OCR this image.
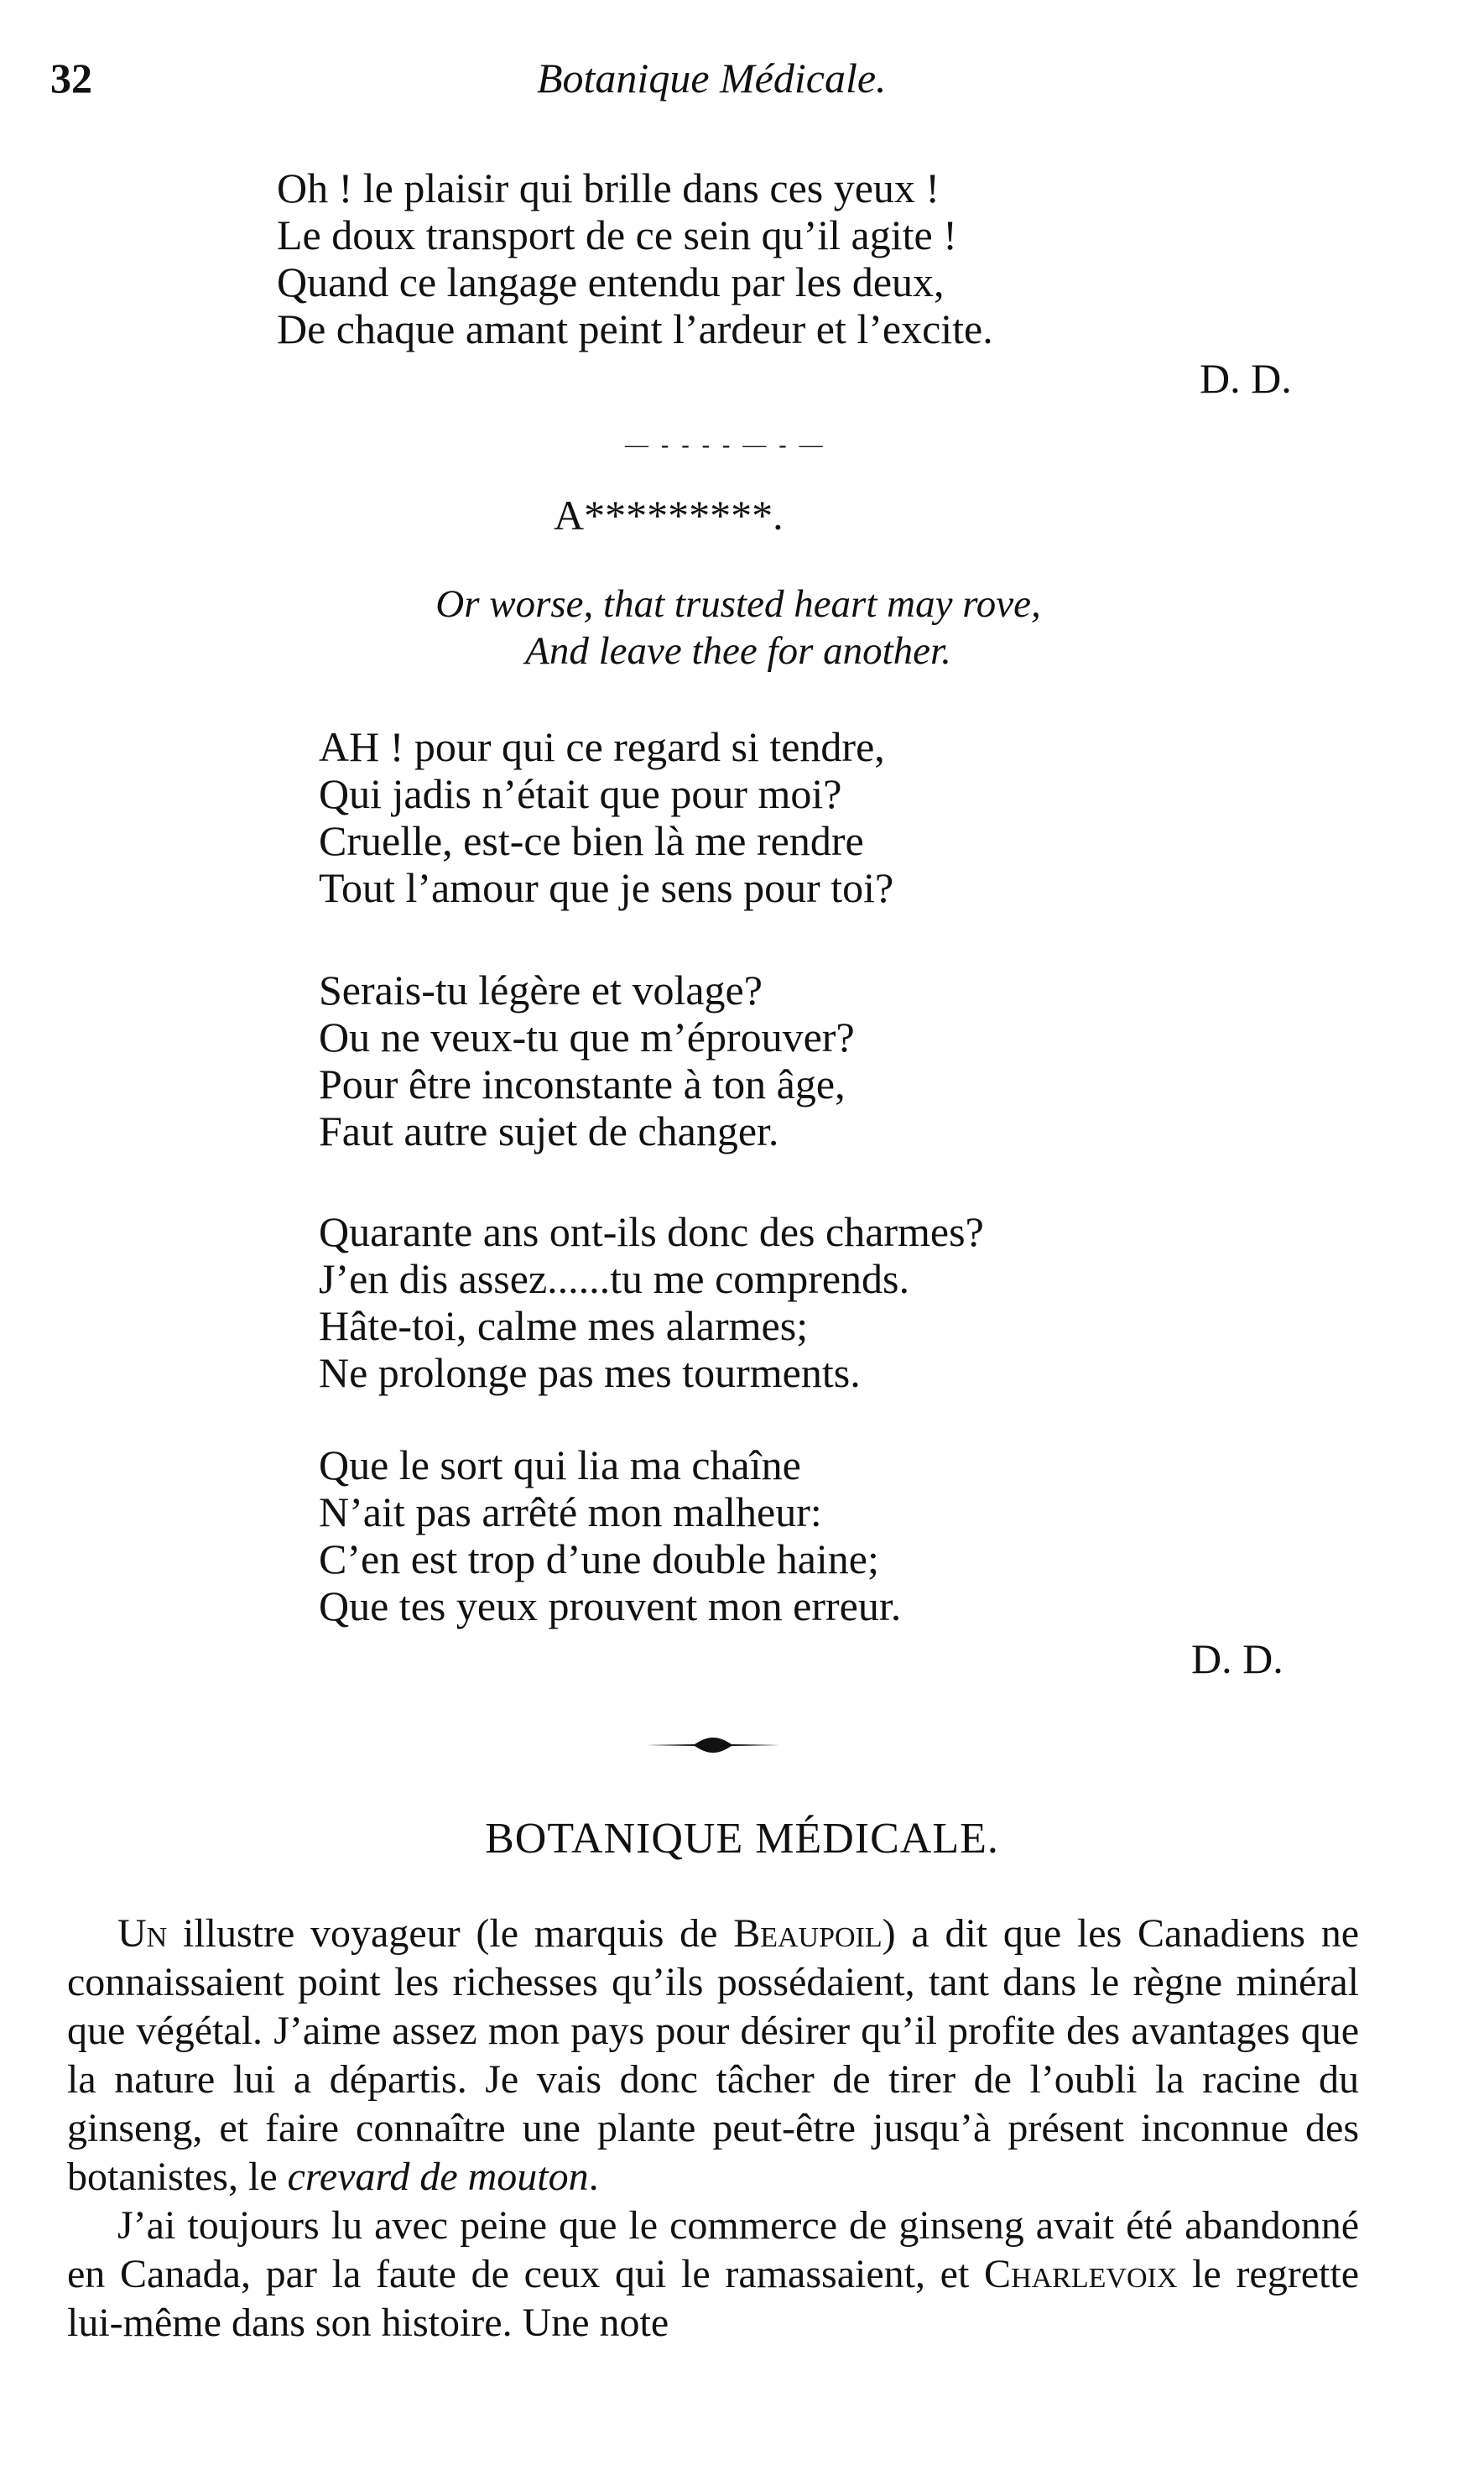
32	Botanique Médicale.
Oh ! le plaisir qui brille dans ces yeux !
Le doux transport de ce sein qu’il agite !
Quand ce langage entendu par les deux,
De chaque amant peint l’ardeur et l’excite.
D. D.
— - - - - — - —
A*********.
Or worse, that trusted heart may rove,
And leave thee for another.
AH ! pour qui ce regard si tendre,
Qui jadis n’était que pour moi?
Cruelle, est-ce bien là me rendre
Tout l’amour que je sens pour toi?
Serais-tu légère et volage?
Ou ne veux-tu que m’éprouver?
Pour être inconstante à ton âge,
Faut autre sujet de changer.
Quarante ans ont-ils donc des charmes?
J’en dis assez......tu me comprends.
Hâte-toi, calme mes alarmes;
Ne prolonge pas mes tourments.
Que le sort qui lia ma chaîne
N’ait pas arrêté mon malheur:
C’en est trop d’une double haine;
Que tes yeux prouvent mon erreur.
D. D.
BOTANIQUE MÉDICALE.

Un illustre voyageur (le marquis de Beaupoil) a dit que les Canadiens ne connaissaient point les richesses qu’ils possédaient, tant dans le règne minéral que végétal. J’aime assez mon pays pour désirer qu’il profite des avantages que la nature lui a départis. Je vais donc tâcher de tirer de l’oubli la racine du ginseng, et faire connaître une plante peut-être jusqu’à présent inconnue des botanistes, le crevard de mouton.

J’ai toujours lu avec peine que le commerce de ginseng avait été abandonné en Canada, par la faute de ceux qui le ramassaient, et Charlevoix le regrette lui-même dans son histoire. Une note
